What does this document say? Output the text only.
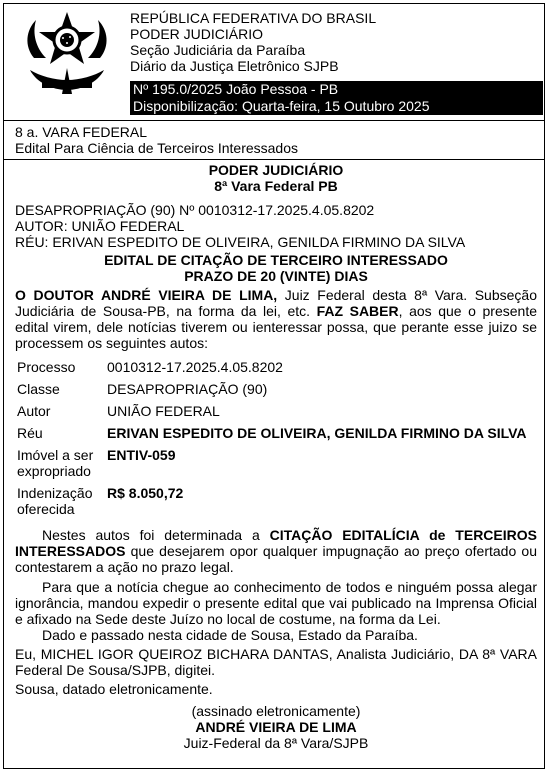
REPÚBLICA FEDERATIVA DO BRASIL
PODER JUDICIÁRIO
Seção Judiciária da Paraíba
Diário da Justiça Eletrônico SJPB
Nº 195.0/2025 João Pessoa - PB
Disponibilização: Quarta-feira, 15 Outubro 2025
8 a. VARA FEDERAL
Edital Para Ciência de Terceiros Interessados
PODER JUDICIÁRIO
8ª Vara Federal PB
DESAPROPRIAÇÃO (90) Nº 0010312-17.2025.4.05.8202
AUTOR: UNIÃO FEDERAL
RÉU: ERIVAN ESPEDITO DE OLIVEIRA, GENILDA FIRMINO DA SILVA
EDITAL DE CITAÇÃO DE TERCEIRO INTERESSADO
PRAZO DE 20 (VINTE) DIAS
O DOUTOR ANDRÉ VIEIRA DE LIMA, Juiz Federal desta 8ª Vara. Subseção Judiciária de Sousa-PB, na forma da lei, etc. FAZ SABER, aos que o presente edital virem, dele notícias tiverem ou ienteressar possa, que perante esse juizo se processem os seguintes autos:
Processo	0010312-17.2025.4.05.8202
Classe	DESAPROPRIAÇÃO (90)
Autor	UNIÃO FEDERAL
Réu	ERIVAN ESPEDITO DE OLIVEIRA, GENILDA FIRMINO DA SILVA
Imóvel a ser expropriado	ENTIV-059
Indenização oferecida	R$ 8.050,72
Nestes autos foi determinada a CITAÇÃO EDITALÍCIA de TERCEIROS INTERESSADOS que desejarem opor qualquer impugnação ao preço ofertado ou contestarem a ação no prazo legal.
Para que a notícia chegue ao conhecimento de todos e ninguém possa alegar ignorância, mandou expedir o presente edital que vai publicado na Imprensa Oficial e afixado na Sede deste Juízo no local de costume, na forma da Lei.
Dado e passado nesta cidade de Sousa, Estado da Paraíba.
Eu, MICHEL IGOR QUEIROZ BICHARA DANTAS, Analista Judiciário, DA 8ª VARA Federal De Sousa/SJPB, digitei.
Sousa, datado eletronicamente.
(assinado eletronicamente)
ANDRÉ VIEIRA DE LIMA
Juiz-Federal da 8ª Vara/SJPB
